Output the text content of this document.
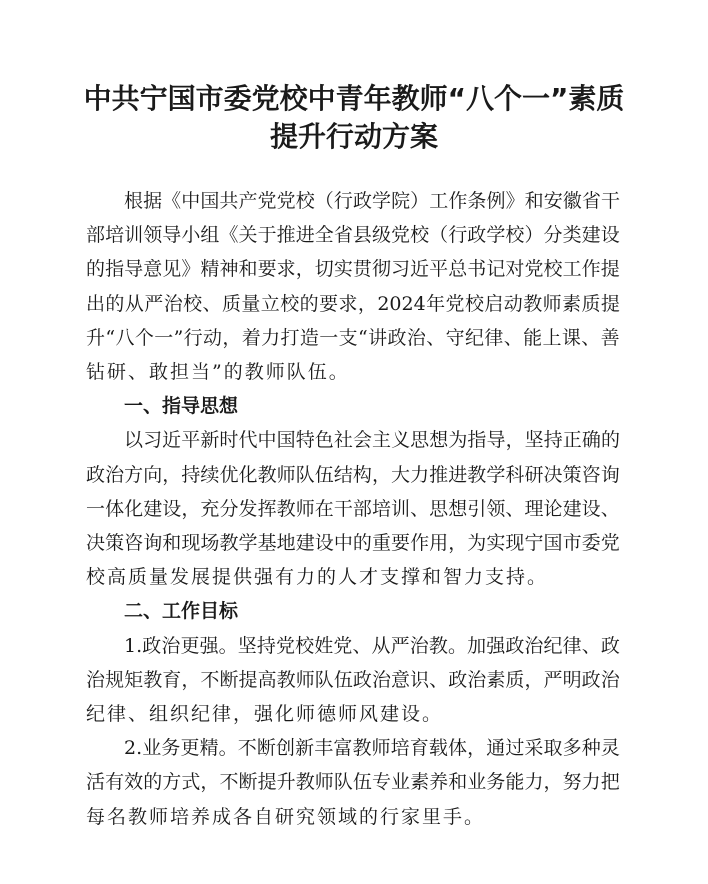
中共宁国市委党校中青年教师“八个一”素质
提升行动方案
根 据 《 中 国 共 产 党 党 校 （ 行 政 学 院 ） 工 作 条 例 》 和 安 徽 省 干
部 培 训 领 导 小 组 《 关 于 推 进 全 省 县 级 党 校 （ 行 政 学 校 ） 分 类 建 设
的 指 导 意 见 》 精 神 和 要 求 ， 切 实 贯 彻 习 近 平 总 书 记 对 党 校 工 作 提
出 的 从 严 治 校 、 质 量 立 校 的 要 求 ， 2024 年 党 校 启 动 教 师 素 质 提
升 “ 八 个 一 ” 行 动 ， 着 力 打 造 一 支 “ 讲 政 治 、 守 纪 律 、 能 上 课 、 善
钻研、敢担当”的教师队伍。
一、指导思想
以 习 近 平 新 时 代 中 国 特 色 社 会 主 义 思 想 为 指 导 ， 坚 持 正 确 的
政 治 方 向 ， 持 续 优 化 教 师 队 伍 结 构 ， 大 力 推 进 教 学 科 研 决 策 咨 询
一 体 化 建 设 ， 充 分 发 挥 教 师 在 干 部 培 训 、 思 想 引 领 、 理 论 建 设 、
决 策 咨 询 和 现 场 教 学 基 地 建 设 中 的 重 要 作 用 ， 为 实 现 宁 国 市 委 党
校高质量发展提供强有力的人才支撑和智力支持。
二、工作目标
1. 政 治 更 强 。 坚 持 党 校 姓 党 、 从 严 治 教 。 加 强 政 治 纪 律 、 政
治 规 矩 教 育 ， 不 断 提 高 教 师 队 伍 政 治 意 识 、 政 治 素 质 ， 严 明 政 治
纪律、组织纪律，强化师德师风建设。
2. 业 务 更 精 。 不 断 创 新 丰 富 教 师 培 育 载 体 ， 通 过 采 取 多 种 灵
活 有 效 的 方 式 ， 不 断 提 升 教 师 队 伍 专 业 素 养 和 业 务 能 力 ， 努 力 把
每名教师培养成各自研究领域的行家里手。
